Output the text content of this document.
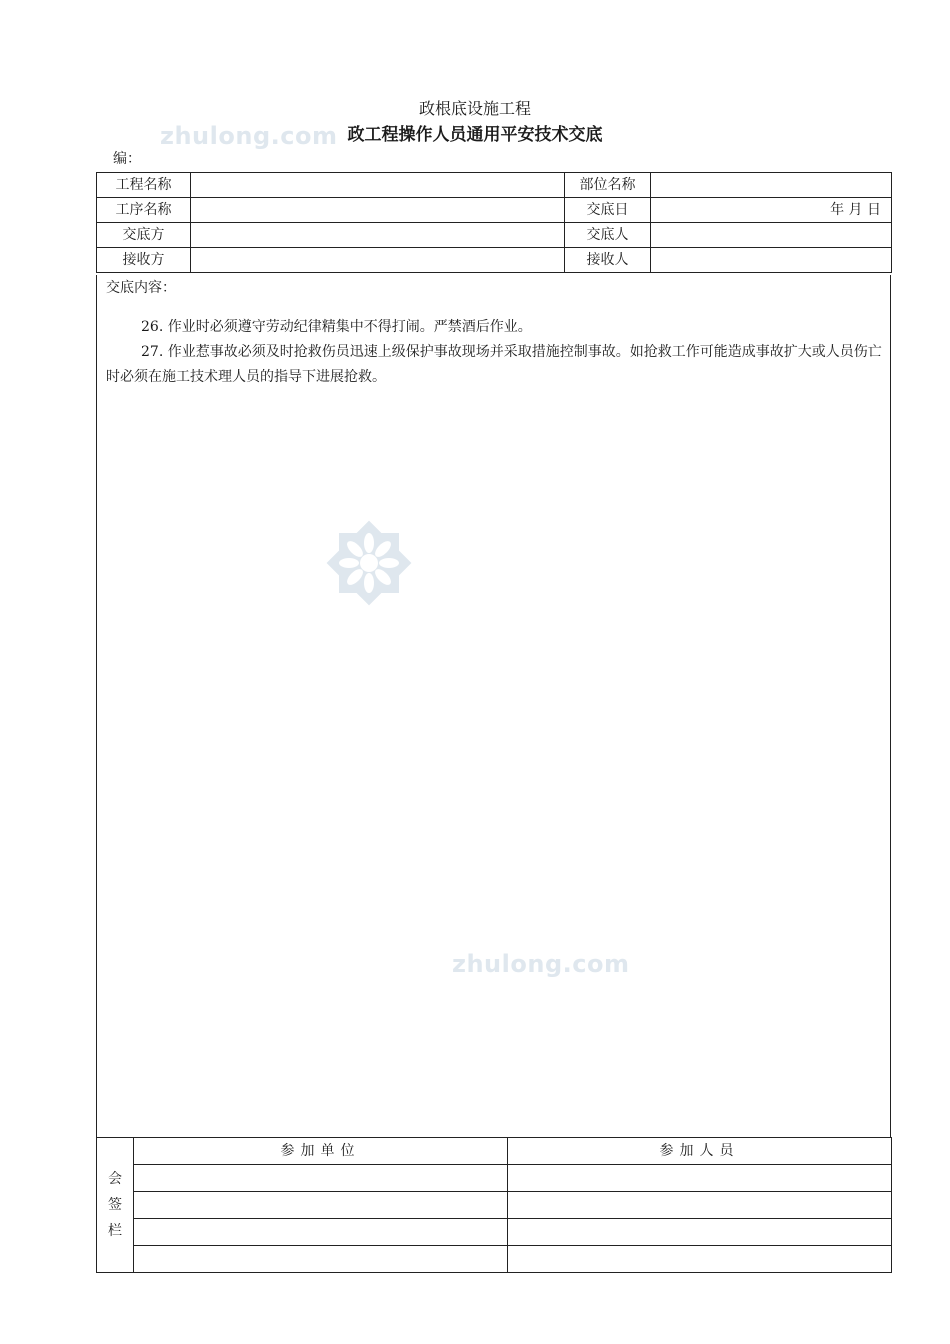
zhulong.com
zhulong.com
政根底设施工程
政工程操作人员通用平安技术交底
编：
工程名称		部位名称	
工序名称		交底日	年 月 日
交底方		交底人	
接收方		接收人	
交底内容：

26. 作业时必须遵守劳动纪律精集中不得打闹。严禁酒后作业。

27. 作业惹事故必须及时抢救伤员迅速上级保护事故现场并采取措施控制事故。如抢救工作可能造成事故扩大或人员伤亡时必须在施工技术理人员的指导下进展抢救。

会
签
栏	参加单位	参加人员
